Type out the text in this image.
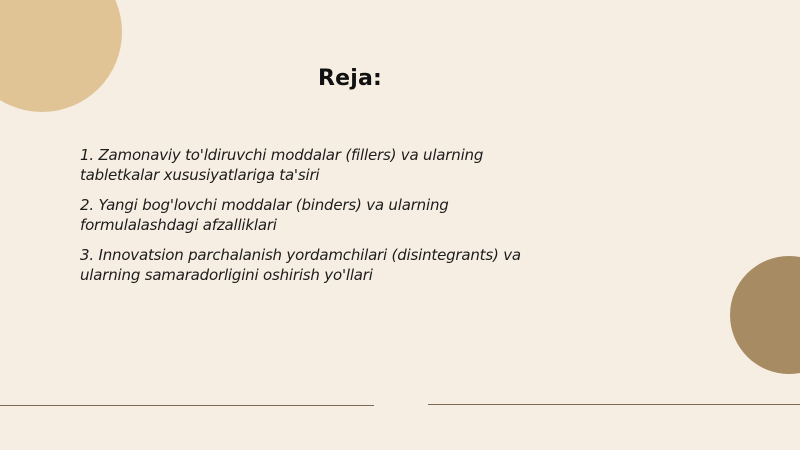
Reja:
1. Zamonaviy to'ldiruvchi moddalar (fillers) va ularning tabletkalar xususiyatlariga ta'siri
2. Yangi bog'lovchi moddalar (binders) va ularning formulalashdagi afzalliklari
3. Innovatsion parchalanish yordamchilari (disintegrants) va ularning samaradorligini oshirish yo'llari
